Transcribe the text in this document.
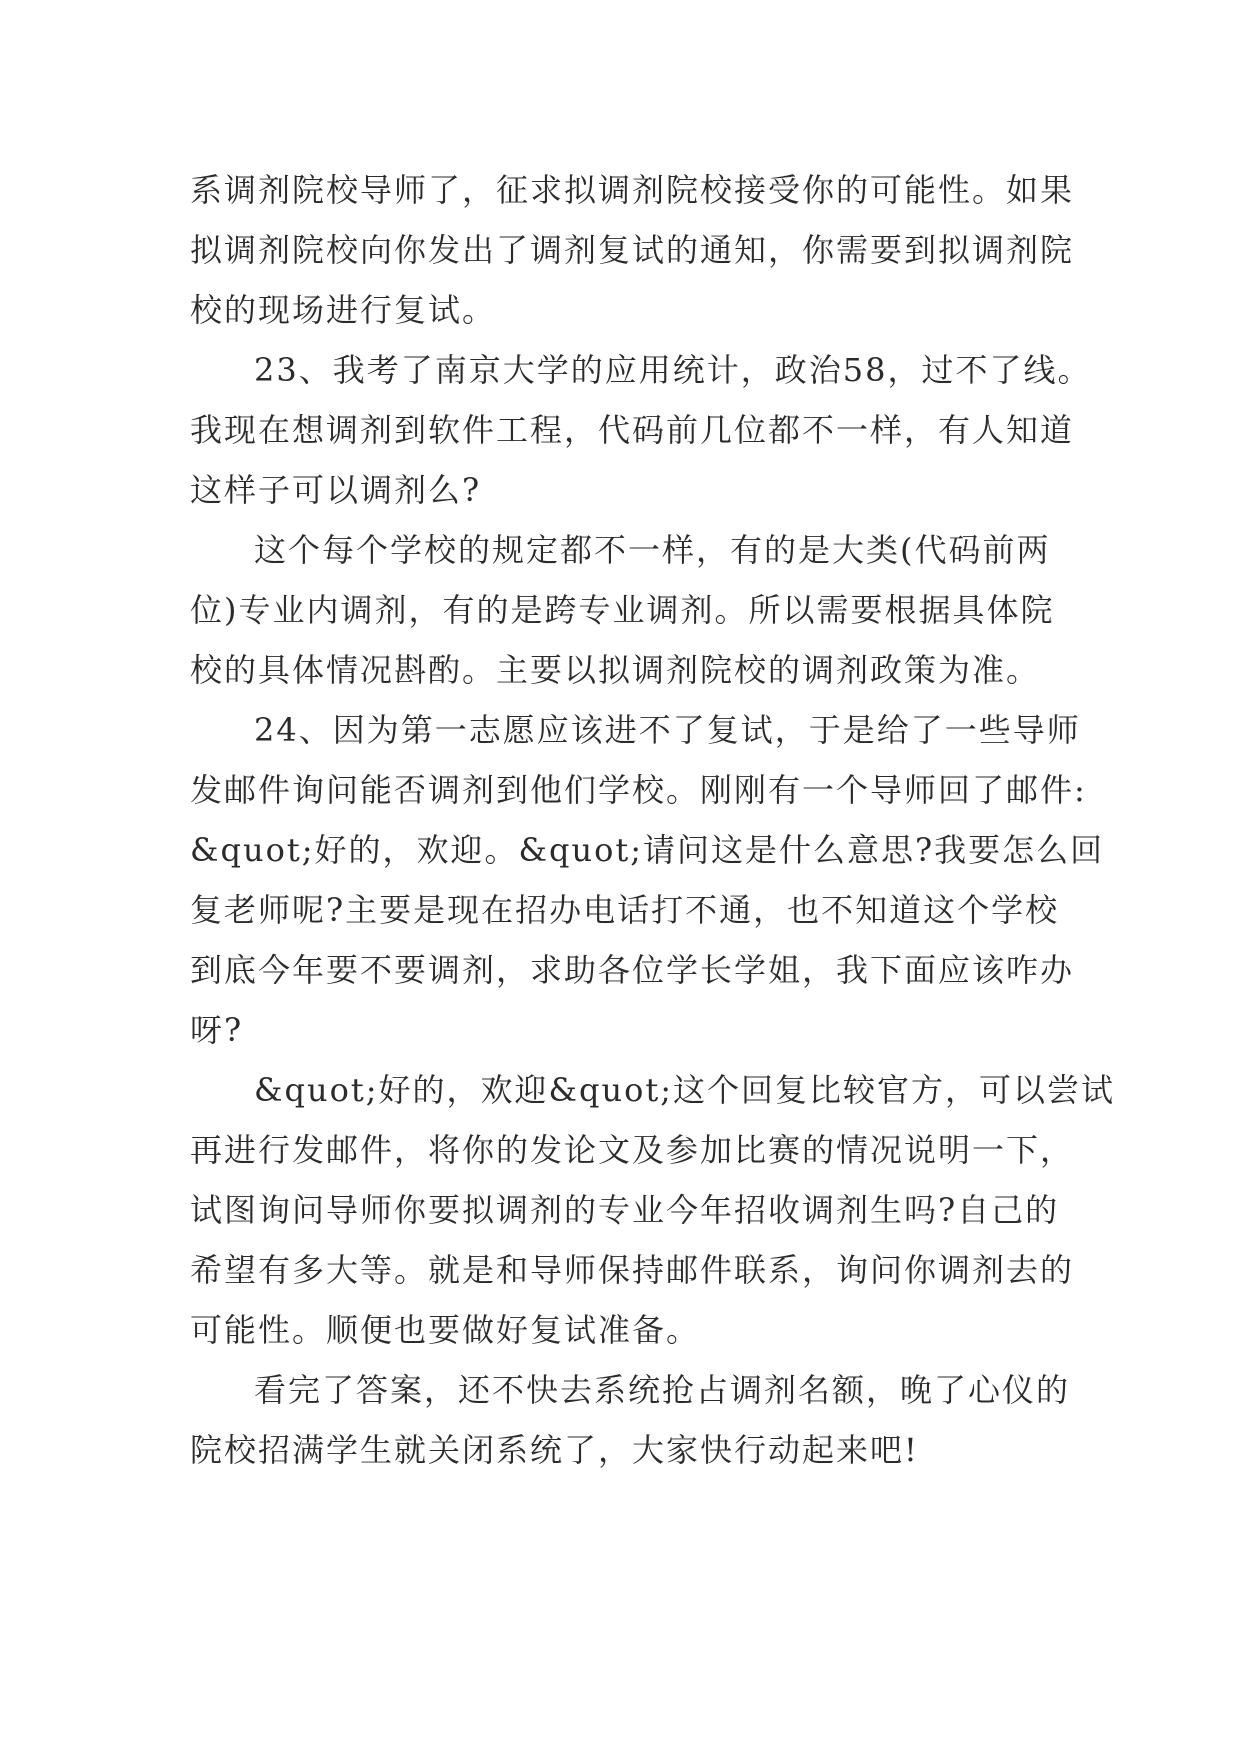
系调剂院校导师了，征求拟调剂院校接受你的可能性。如果
拟调剂院校向你发出了调剂复试的通知，你需要到拟调剂院
校的现场进行复试。
23、我考了南京大学的应用统计，政治58，过不了线。
我现在想调剂到软件工程，代码前几位都不一样，有人知道
这样子可以调剂么?
这个每个学校的规定都不一样，有的是大类(代码前两
位)专业内调剂，有的是跨专业调剂。所以需要根据具体院
校的具体情况斟酌。主要以拟调剂院校的调剂政策为准。
24、因为第一志愿应该进不了复试，于是给了一些导师
发邮件询问能否调剂到他们学校。刚刚有一个导师回了邮件:
&quot;好的，欢迎。&quot;请问这是什么意思?我要怎么回
复老师呢?主要是现在招办电话打不通，也不知道这个学校
到底今年要不要调剂，求助各位学长学姐，我下面应该咋办
呀?
&quot;好的，欢迎&quot;这个回复比较官方，可以尝试
再进行发邮件，将你的发论文及参加比赛的情况说明一下，
试图询问导师你要拟调剂的专业今年招收调剂生吗?自己的
希望有多大等。就是和导师保持邮件联系，询问你调剂去的
可能性。顺便也要做好复试准备。
看完了答案，还不快去系统抢占调剂名额，晚了心仪的
院校招满学生就关闭系统了，大家快行动起来吧!
